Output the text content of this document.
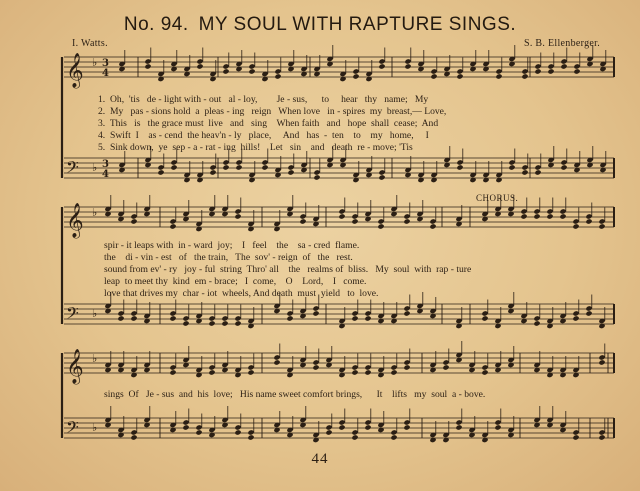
No. 94. MY SOUL WITH RAPTURE SINGS.
I. Watts.	S. B. Ellenberger.
𝄞 ♭ 3
4
𝄢 ♭ 3
4
𝄞 ♭
𝄢 ♭
𝄞 ♭
𝄢 ♭
1.  Oh,  'tis   de - light with - out   al - loy,        Je - sus,      to     hear   thy   name;   My
2.  My   pas - sions hold  a  pleas - ing   reign   When love   in - spires  my  breast,— Love,
3.  This   is   the grace must  live   and   sing    When faith   and   hope  shall  cease;  And
4.  Swift  I    as - cend  the heav'n - ly   place,     And   has  -  ten    to    my   home,     I
5.  Sink down,  ye  sep - a - rat - ing  hills!    Let   sin    and   death  re - move; 'Tis
CHORUS.
spir - it leaps with  in - ward  joy;    I   feel    the    sa - cred  flame.
the    di - vin - est   of   the train,   The  sov' - reign  of   the   rest.
sound from ev' - ry   joy - ful  string  Thro' all    the   realms of  bliss.   My  soul  with  rap - ture
leap  to meet thy  kind  em - brace;   I  come,    O    Lord,    I   come.
love that drives my  char - iot  wheels, And death  must  yield   to  love.
sings  Of   Je - sus  and  his  love;   His name sweet comfort brings,      It    lifts   my  soul  a - bove.
44
